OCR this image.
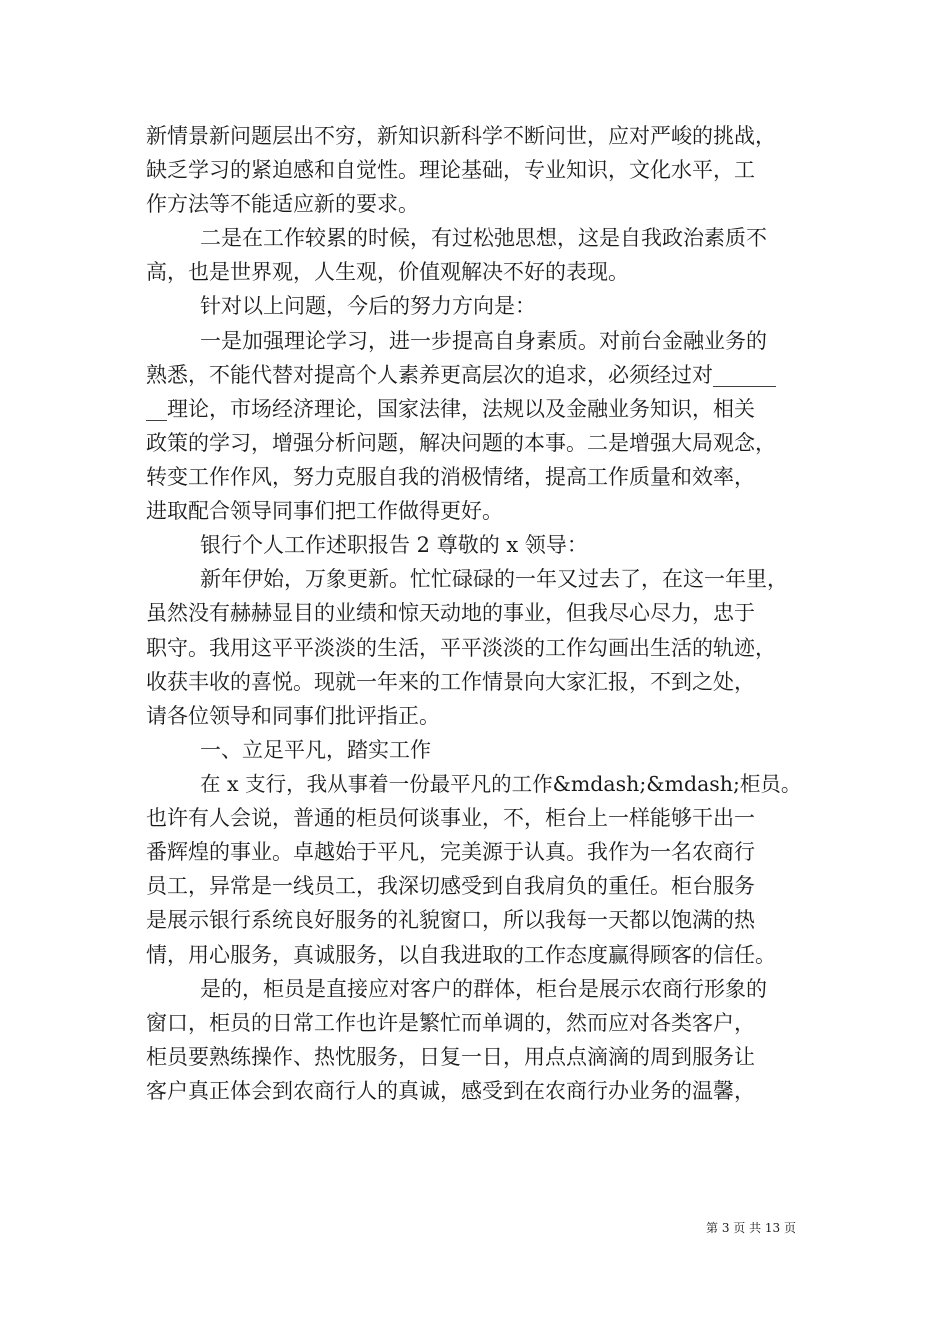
新情景新问题层出不穷，新知识新科学不断问世，应对严峻的挑战，
缺乏学习的紧迫感和自觉性。理论基础，专业知识，文化水平，工
作方法等不能适应新的要求。
二是在工作较累的时候，有过松弛思想，这是自我政治素质不
高，也是世界观，人生观，价值观解决不好的表现。
针对以上问题，今后的努力方向是：
一是加强理论学习，进一步提高自身素质。对前台金融业务的
熟悉，不能代替对提高个人素养更高层次的追求，必须经过对______
__理论，市场经济理论，国家法律，法规以及金融业务知识，相关
政策的学习，增强分析问题，解决问题的本事。二是增强大局观念，
转变工作作风，努力克服自我的消极情绪，提高工作质量和效率，
进取配合领导同事们把工作做得更好。
银行个人工作述职报告 2 尊敬的 x 领导：
新年伊始，万象更新。忙忙碌碌的一年又过去了，在这一年里，
虽然没有赫赫显目的业绩和惊天动地的事业，但我尽心尽力，忠于
职守。我用这平平淡淡的生活，平平淡淡的工作勾画出生活的轨迹，
收获丰收的喜悦。现就一年来的工作情景向大家汇报，不到之处，
请各位领导和同事们批评指正。
一、立足平凡，踏实工作
在 x 支行，我从事着一份最平凡的工作&mdash;&mdash;柜员。
也许有人会说，普通的柜员何谈事业，不，柜台上一样能够干出一
番辉煌的事业。卓越始于平凡，完美源于认真。我作为一名农商行
员工，异常是一线员工，我深切感受到自我肩负的重任。柜台服务
是展示银行系统良好服务的礼貌窗口，所以我每一天都以饱满的热
情，用心服务，真诚服务，以自我进取的工作态度赢得顾客的信任。
是的，柜员是直接应对客户的群体，柜台是展示农商行形象的
窗口，柜员的日常工作也许是繁忙而单调的，然而应对各类客户，
柜员要熟练操作、热忱服务，日复一日，用点点滴滴的周到服务让
客户真正体会到农商行人的真诚，感受到在农商行办业务的温馨，
第 3 页 共 13 页
